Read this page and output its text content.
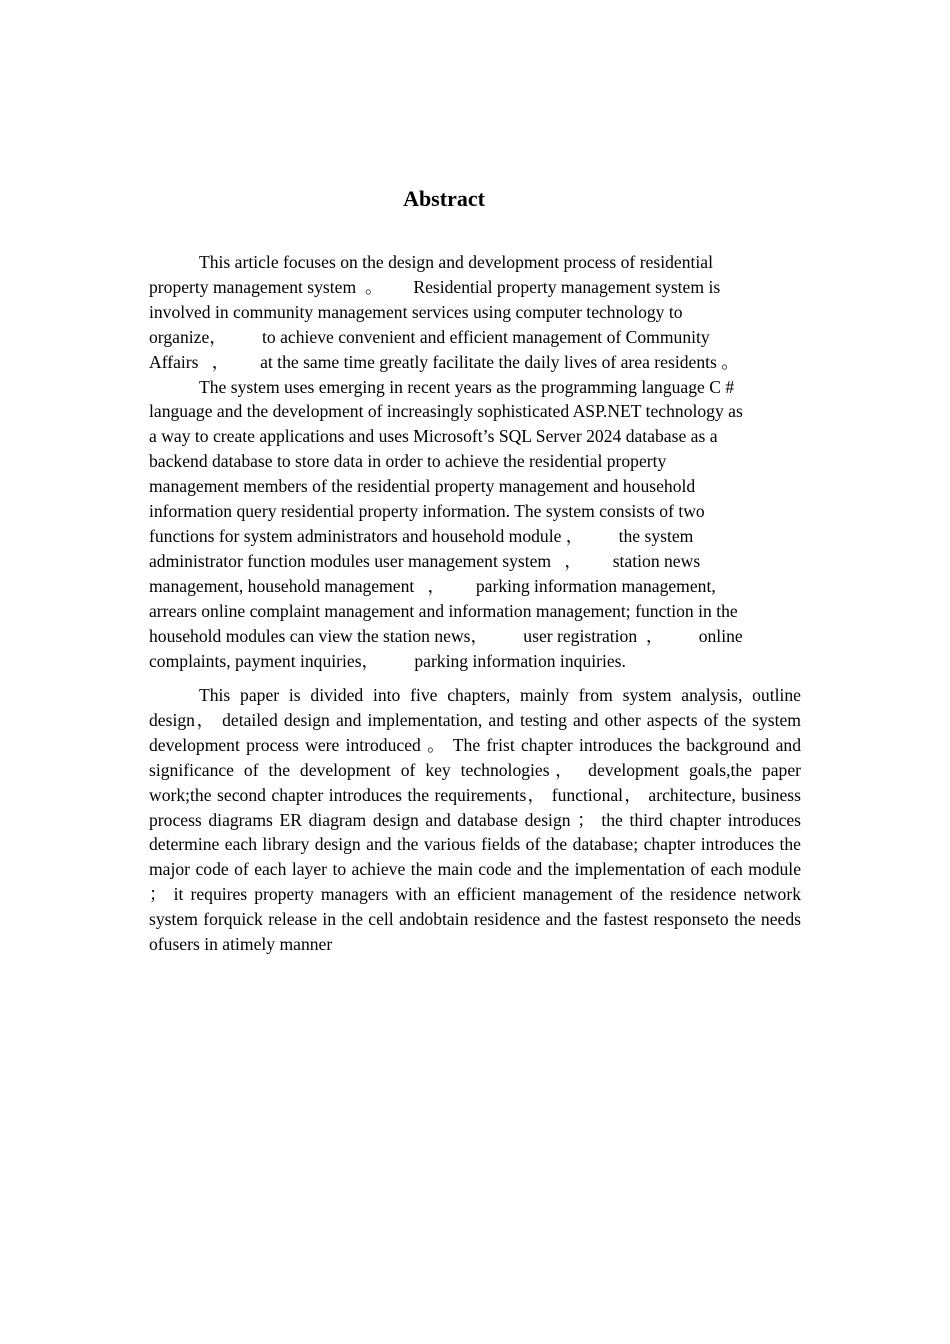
Abstract
This article focuses on the design and development process of residential
property management system  。       Residential property management system is
involved in community management services using computer technology to
organize，        to achieve convenient and efficient management of Community
Affairs   ，       at the same time greatly facilitate the daily lives of area residents 。
The system uses emerging in recent years as the programming language C #
language and the development of increasingly sophisticated ASP.NET technology as
a way to create applications and uses Microsoft’s SQL Server 2024 database as a
backend database to store data in order to achieve the residential property
management members of the residential property management and household
information query residential property information. The system consists of two
functions for system administrators and household module ，        the system
administrator function modules user management system   ，       station news
management, household management   ，       parking information management,
arrears online complaint management and information management; function in the
household modules can view the station news，        user registration  ，        online
complaints, payment inquiries，        parking information inquiries.

This paper is divided into five chapters, mainly from system analysis, outline design， detailed design and implementation, and testing and other aspects of the system development process were introduced 。 The frist chapter introduces the background and significance of the development of key technologies， development goals,the paper work;the second chapter introduces the requirements， functional， architecture, business process diagrams ER diagram design and database design ； the third chapter introduces determine each library design and the various fields of the database; chapter introduces the major code of each layer to achieve the main code and the implementation of each module ； it requires property managers with an efficient management of the residence network system forquick release in the cell andobtain residence and the fastest responseto the needs ofusers in atimely manner
